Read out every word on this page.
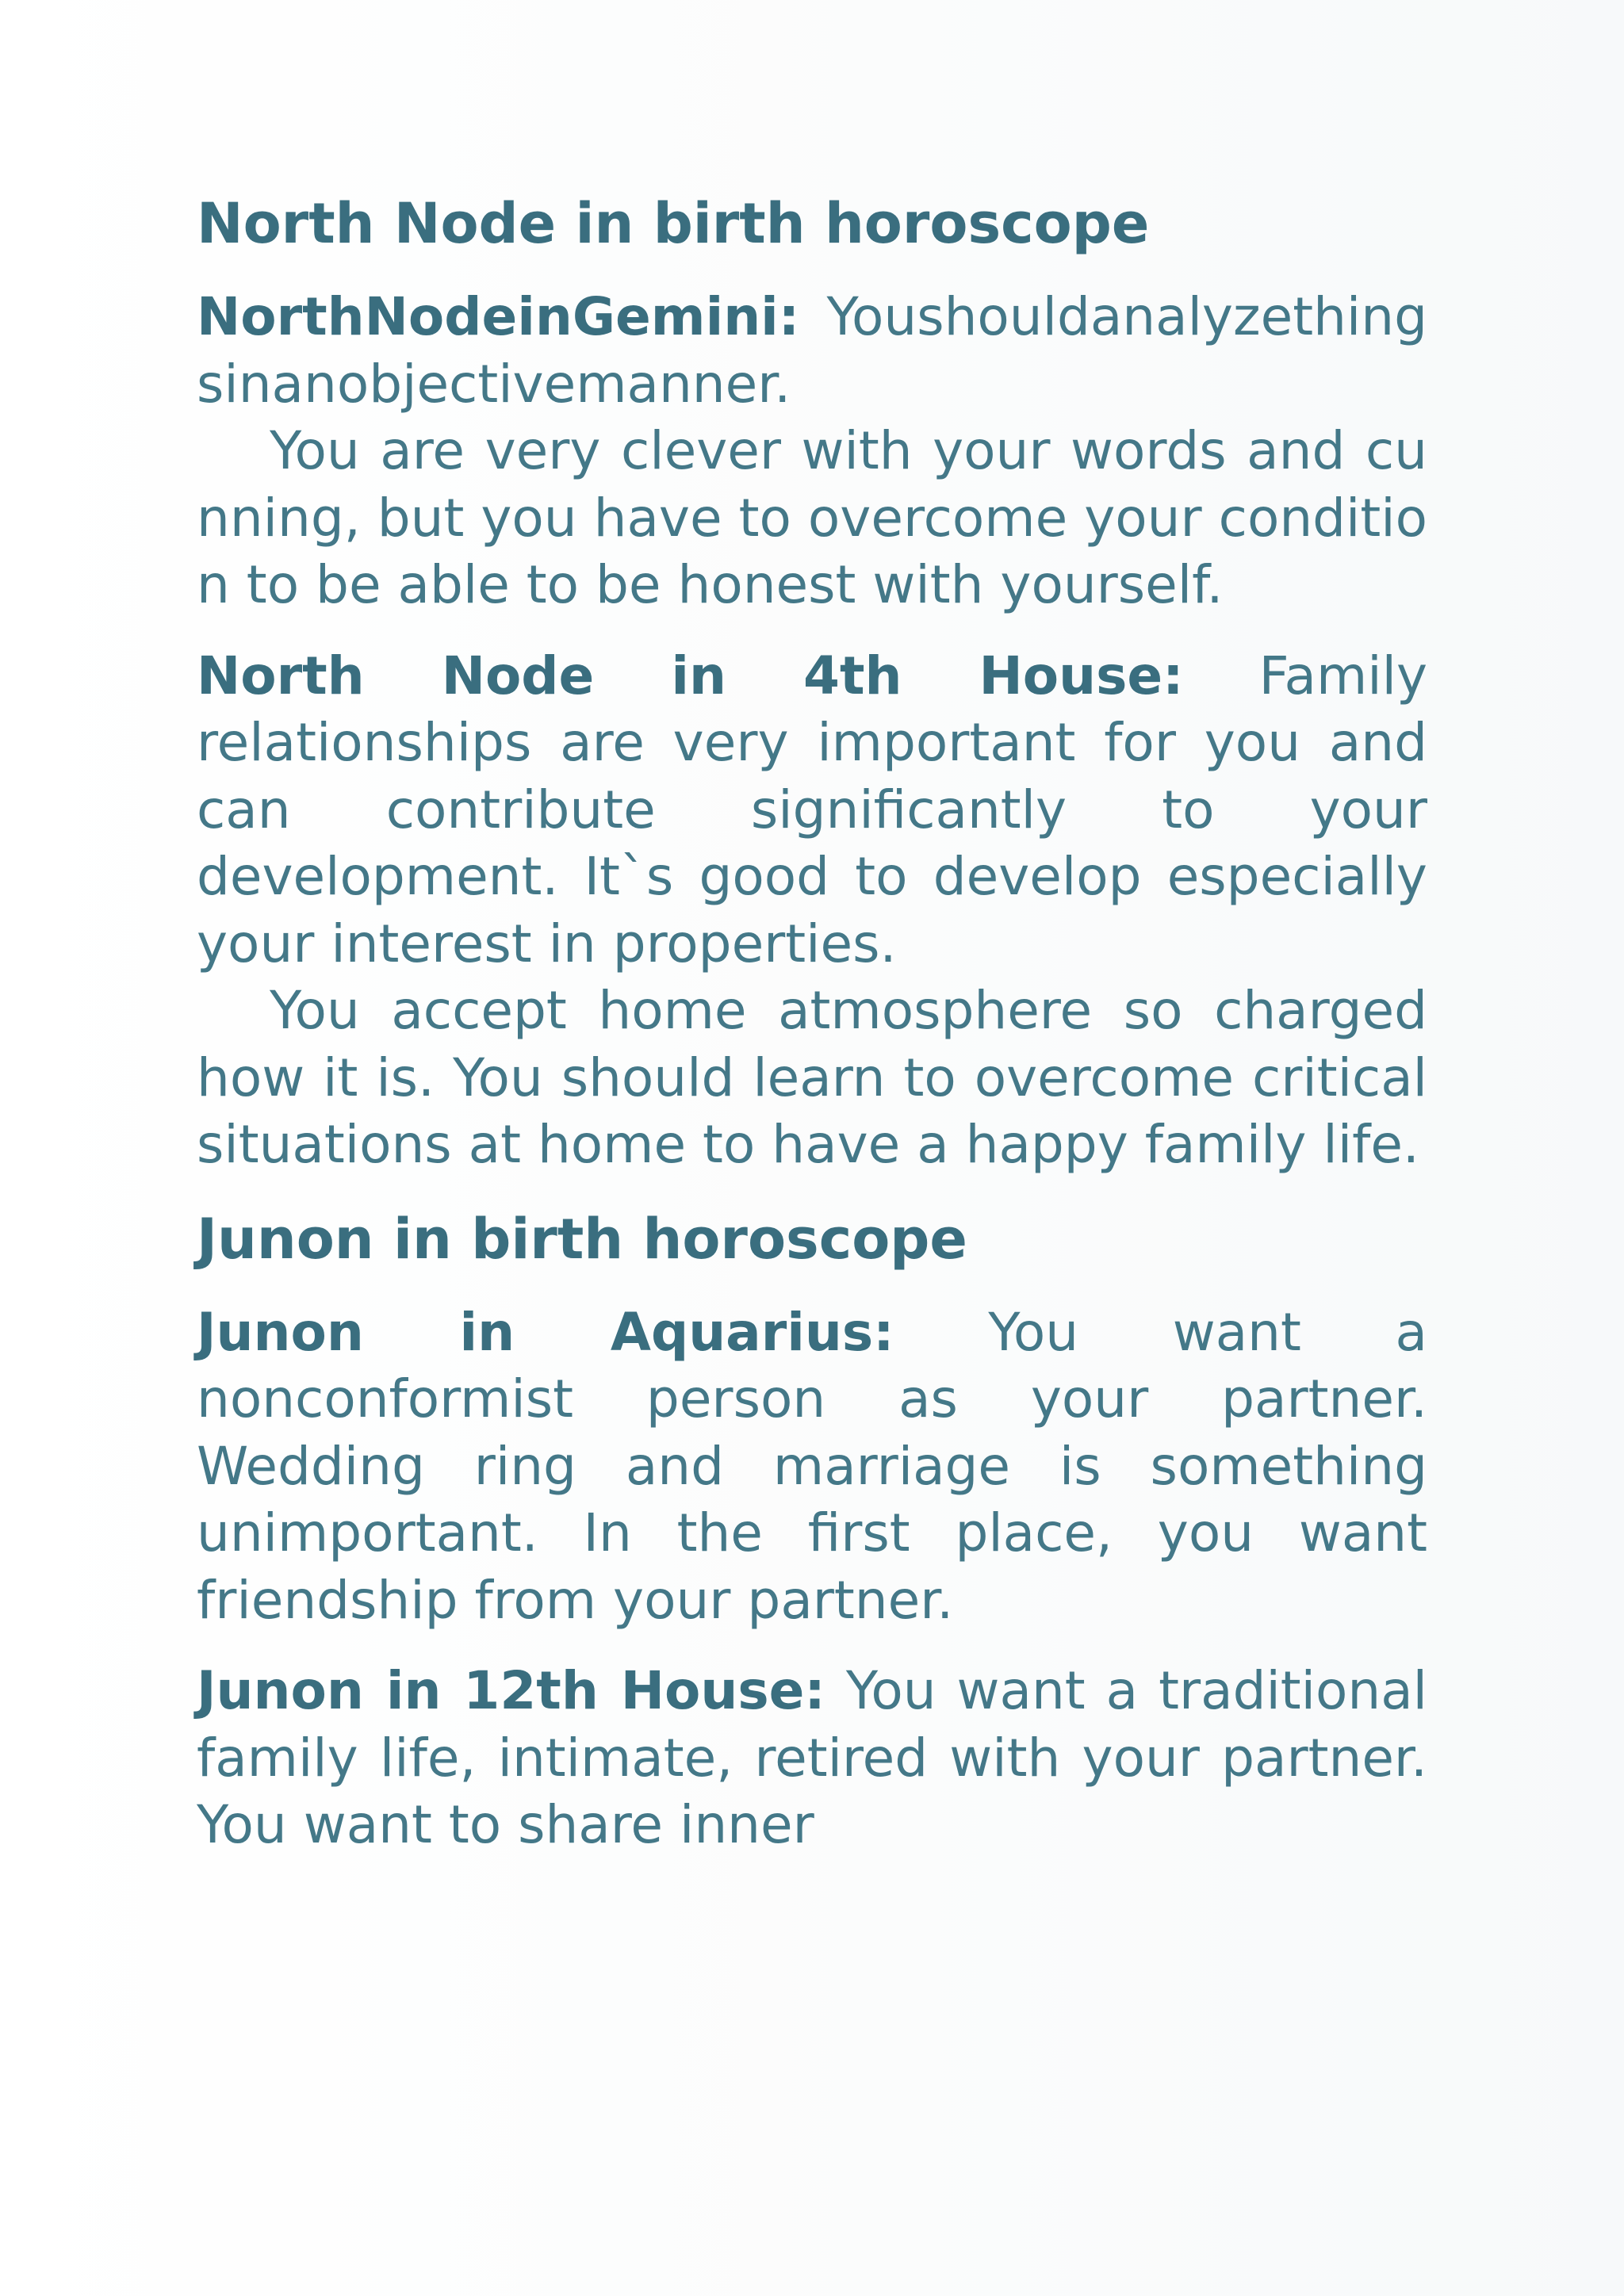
North Node in birth horoscope

NorthNodeinGemini: Youshouldanalyzethingsinanobjectivemanner.
You are very clever with your words and cunning, but you have to overcome your condition to be able to be honest with yourself.

North Node in 4th House: Family relationships are very important for you and can contribute significantly to your development. It`s good to develop especially your interest in properties.
You accept home atmosphere so charged how it is. You should learn to overcome critical situations at home to have a happy family life.

Junon in birth horoscope

Junon in Aquarius: You want a nonconformist person as your partner. Wedding ring and marriage is something unimportant. In the first place, you want friendship from your partner.

Junon in 12th House: You want a traditional family life, intimate, retired with your partner. You want to share inner
